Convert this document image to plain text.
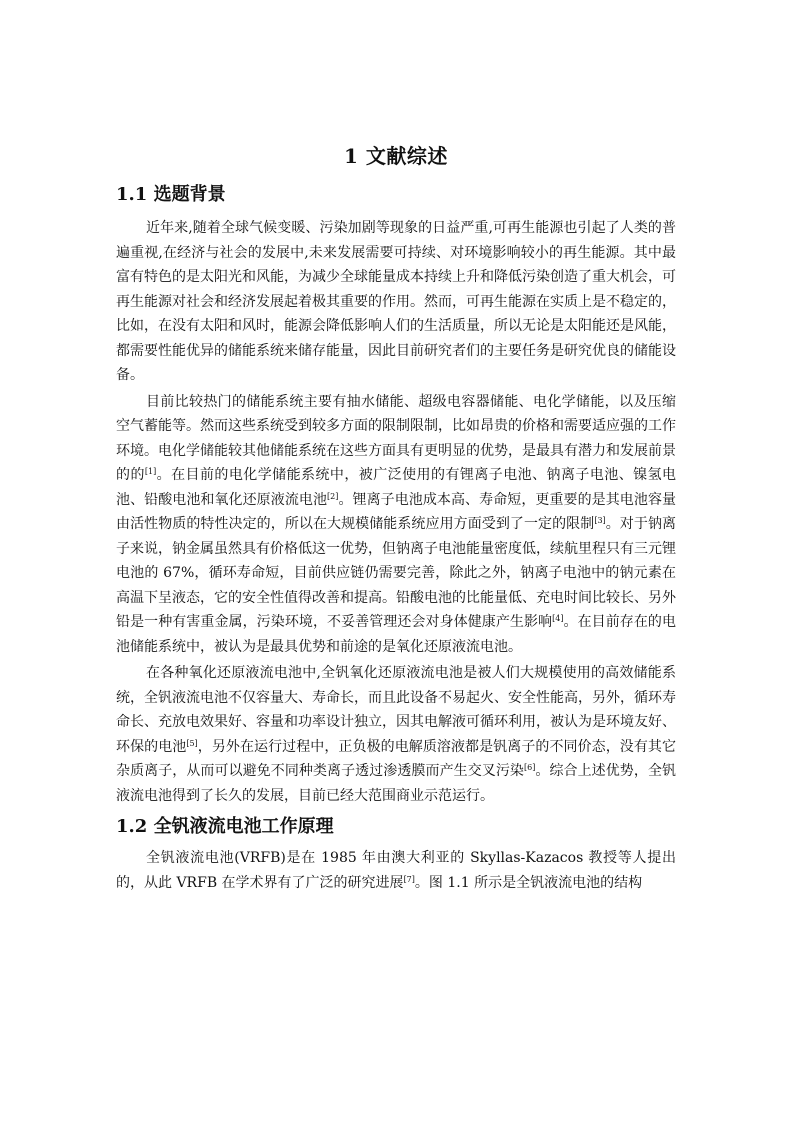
1 文献综述
1.1 选题背景

近年来,随着全球气候变暖、污染加剧等现象的日益严重,可再生能源也引起了人类的普遍重视,在经济与社会的发展中,未来发展需要可持续、对环境影响较小的再生能源。其中最富有特色的是太阳光和风能，为减少全球能量成本持续上升和降低污染创造了重大机会，可再生能源对社会和经济发展起着极其重要的作用。然而，可再生能源在实质上是不稳定的，比如，在没有太阳和风时，能源会降低影响人们的生活质量，所以无论是太阳能还是风能，都需要性能优异的储能系统来储存能量，因此目前研究者们的主要任务是研究优良的储能设备。

目前比较热门的储能系统主要有抽水储能、超级电容器储能、电化学储能，以及压缩空气蓄能等。然而这些系统受到较多方面的限制限制，比如昂贵的价格和需要适应强的工作环境。电化学储能较其他储能系统在这些方面具有更明显的优势，是最具有潜力和发展前景的的[1]。在目前的电化学储能系统中，被广泛使用的有锂离子电池、钠离子电池、镍氢电池、铅酸电池和氧化还原液流电池[2]。锂离子电池成本高、寿命短，更重要的是其电池容量由活性物质的特性决定的，所以在大规模储能系统应用方面受到了一定的限制[3]。对于钠离子来说，钠金属虽然具有价格低这一优势，但钠离子电池能量密度低，续航里程只有三元锂电池的 67%，循环寿命短，目前供应链仍需要完善，除此之外，钠离子电池中的钠元素在高温下呈液态，它的安全性值得改善和提高。铅酸电池的比能量低、充电时间比较长、另外铅是一种有害重金属，污染环境，不妥善管理还会对身体健康产生影响[4]。在目前存在的电池储能系统中，被认为是最具优势和前途的是氧化还原液流电池。

在各种氧化还原液流电池中,全钒氧化还原液流电池是被人们大规模使用的高效储能系统，全钒液流电池不仅容量大、寿命长，而且此设备不易起火、安全性能高，另外，循环寿命长、充放电效果好、容量和功率设计独立，因其电解液可循环利用，被认为是环境友好、环保的电池[5]，另外在运行过程中，正负极的电解质溶液都是钒离子的不同价态，没有其它杂质离子，从而可以避免不同种类离子透过渗透膜而产生交叉污染[6]。综合上述优势，全钒液流电池得到了长久的发展，目前已经大范围商业示范运行。

1.2 全钒液流电池工作原理

全钒液流电池(VRFB)是在 1985 年由澳大利亚的 Skyllas-Kazacos 教授等人提出的，从此 VRFB 在学术界有了广泛的研究进展[7]。图 1.1 所示是全钒液流电池的结构
